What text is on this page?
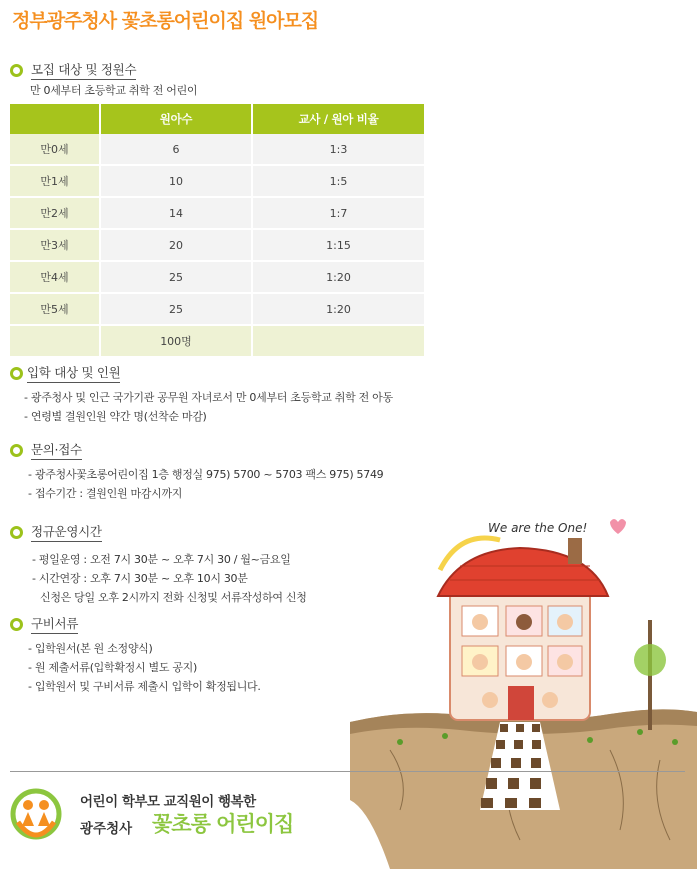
정부광주청사 꽃초롱어린이집 원아모집
모집 대상 및 정원수
만 0세부터 초등학교 취학 전 어린이
	원아수	교사 / 원아 비율
만0세	6	1:3
만1세	10	1:5
만2세	14	1:7
만3세	20	1:15
만4세	25	1:20
만5세	25	1:20
	100명	
입학 대상 및 인원
- 광주청사 및 인근 국가기관 공무원 자녀로서 만 0세부터 초등학교 취학 전 아동
- 연령별 결원인원 약간 명(선착순 마감)
문의·접수
- 광주청사꽃초롱어린이집 1층 행정실 975) 5700 ~ 5703 팩스 975) 5749
- 접수기간 : 결원인원 마감시까지
정규운영시간
- 평일운영 : 오전 7시 30분 ~ 오후 7시 30 / 월~금요일
- 시간연장 : 오후 7시 30분 ~ 오후 10시 30분
신청은 당일 오후 2시까지 전화 신청및 서류작성하여 신청
구비서류
- 입학원서(본 원 소정양식)
- 원 제출서류(입학확정시 별도 공지)
- 입학원서 및 구비서류 제출시 입학이 확정됩니다.
We are the One!
어린이 학부모 교직원이 행복한
광주청사 꽃초롱 어린이집
